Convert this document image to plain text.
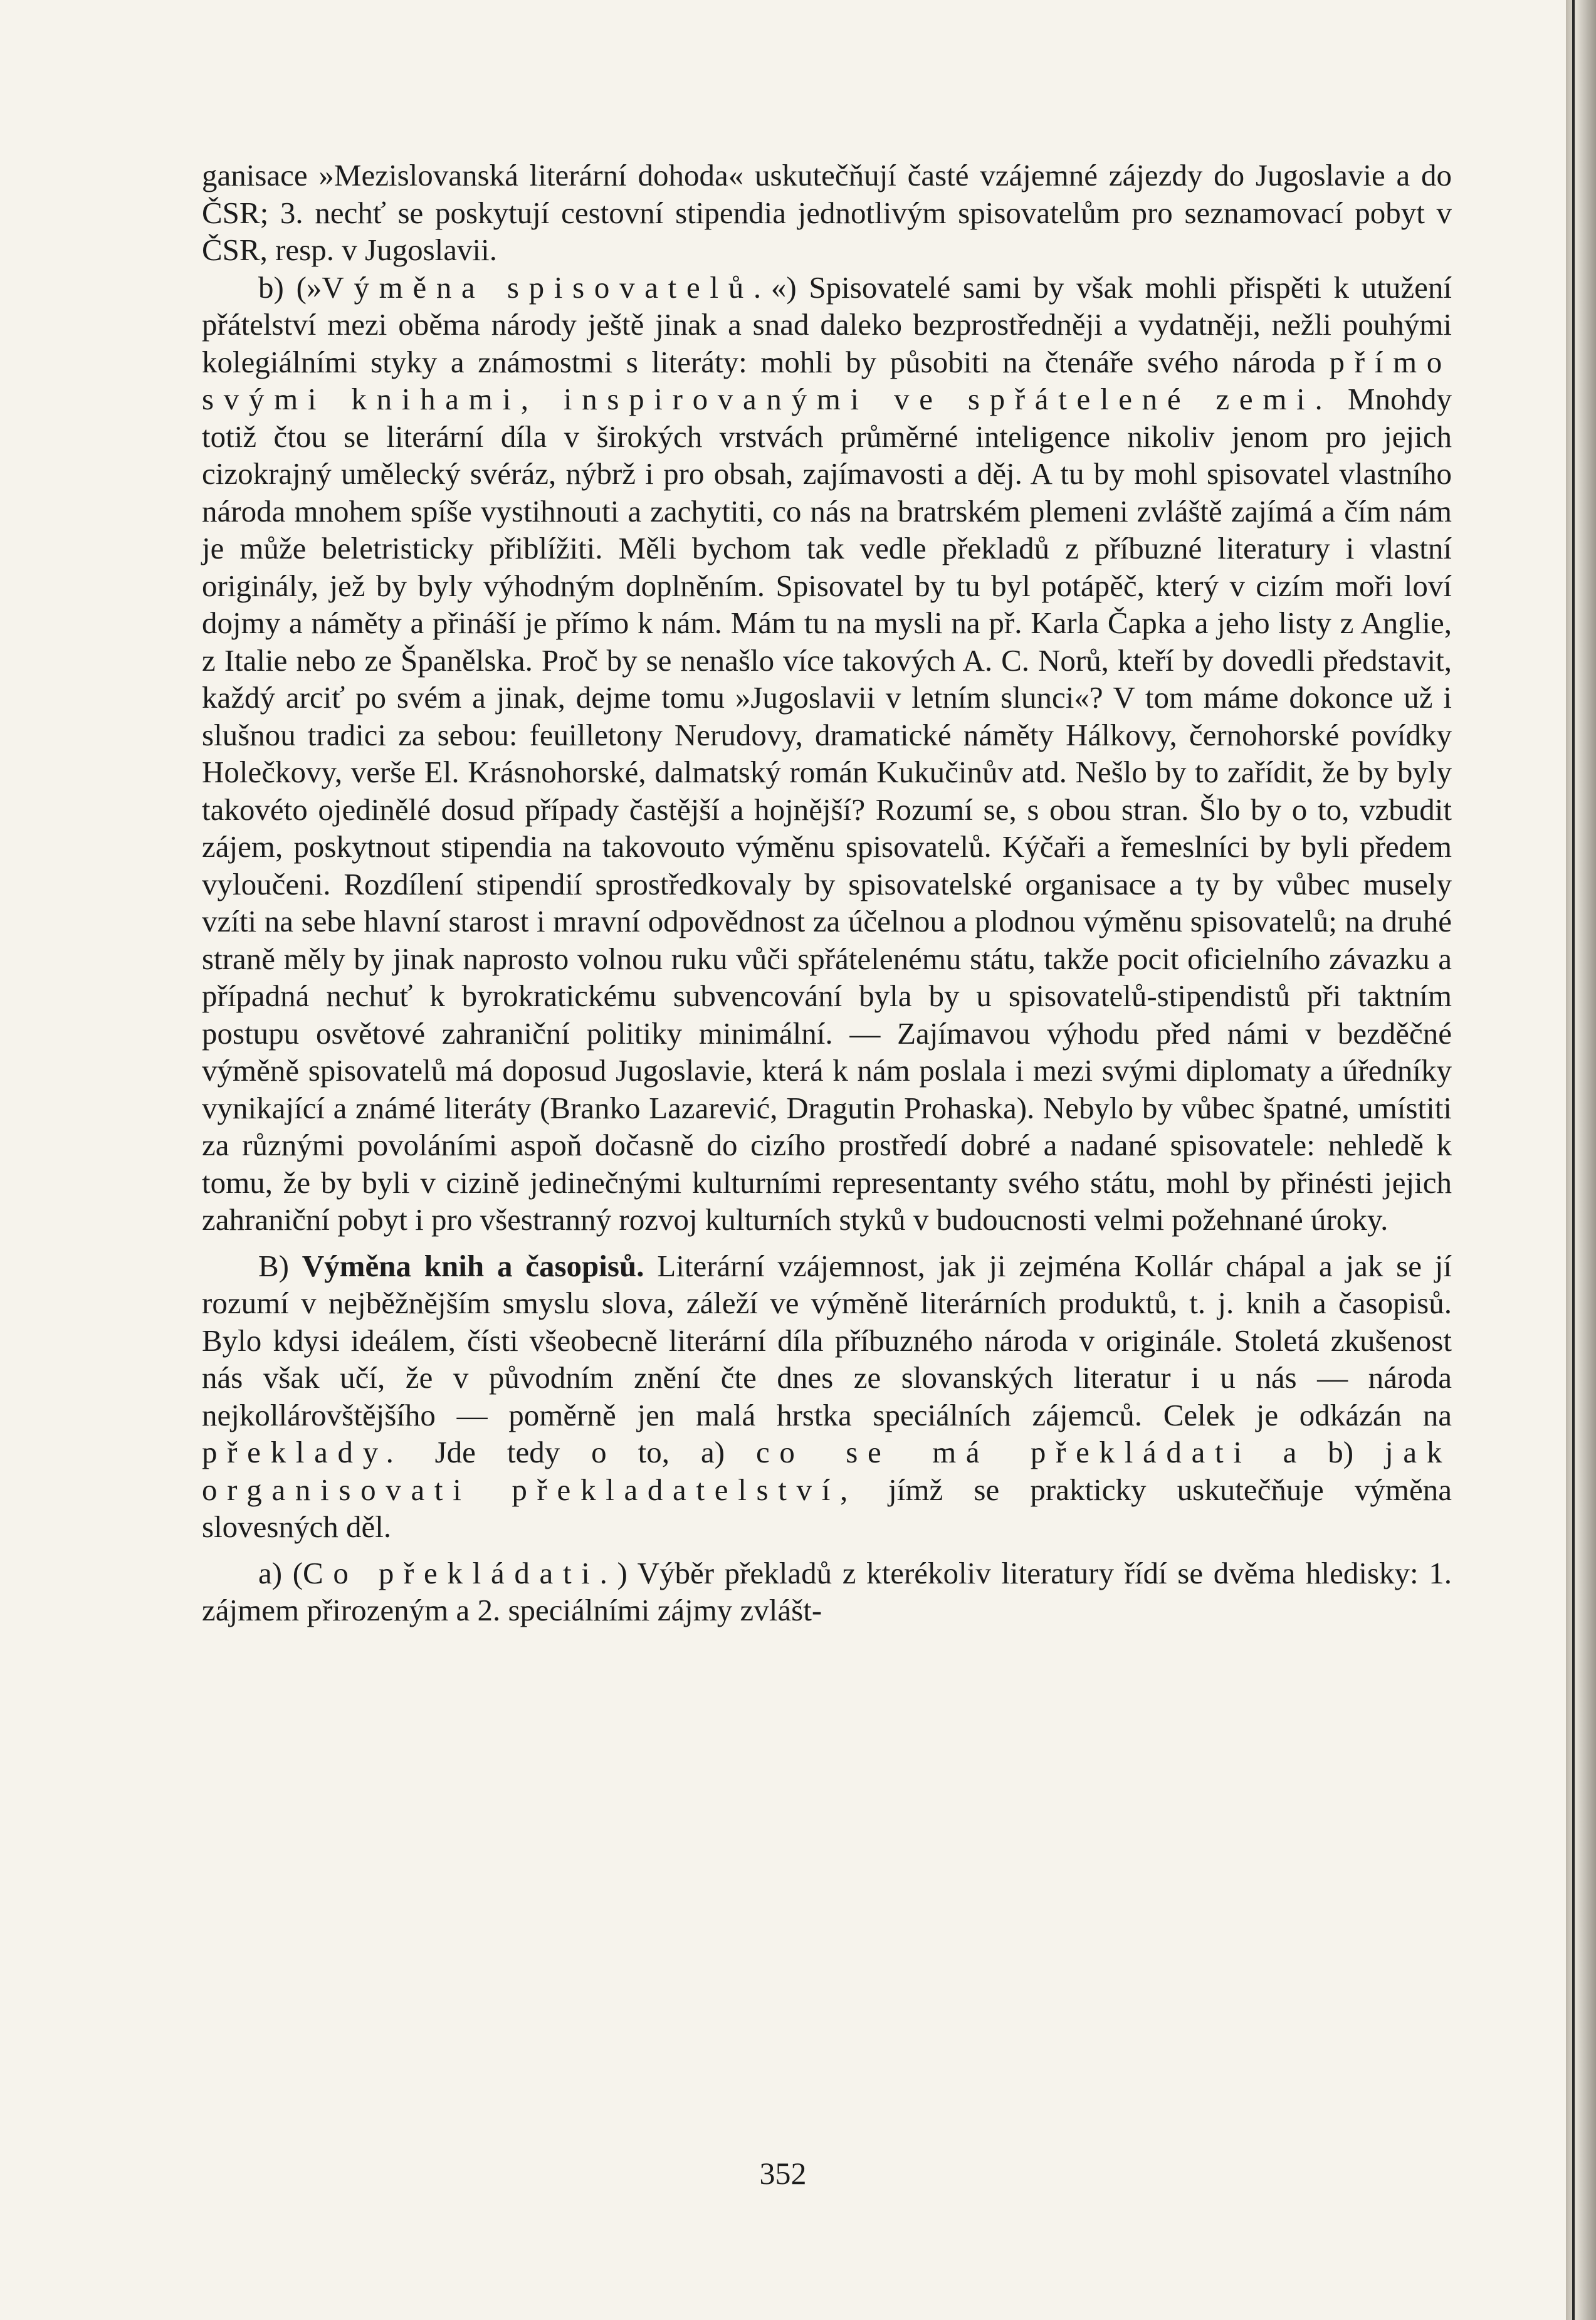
ganisace »Mezislovanská literární dohoda« uskutečňují časté vzájemné zájezdy do Jugoslavie a do ČSR; 3. nechť se poskytují cestovní stipendia jednotlivým spisovatelům pro seznamovací pobyt v ČSR, resp. v Jugoslavii.

b) (»Výměna spisovatelů.«) Spisovatelé sami by však mohli přispěti k utužení přátelství mezi oběma národy ještě jinak a snad daleko bezprostředněji a vydatněji, nežli pouhými kolegiálními styky a známostmi s literáty: mohli by působiti na čtenáře svého národa přímo svými knihami, inspirovanými ve spřátelené zemi. Mnohdy totiž čtou se literární díla v širokých vrstvách průměrné inteligence nikoliv jenom pro jejich cizokrajný umělecký svéráz, nýbrž i pro obsah, zajímavosti a děj. A tu by mohl spisovatel vlastního národa mnohem spíše vystihnouti a zachytiti, co nás na bratrském plemeni zvláště zajímá a čím nám je může beletristicky přiblížiti. Měli bychom tak vedle překladů z příbuzné literatury i vlastní originály, jež by byly výhodným doplněním. Spisovatel by tu byl potápěč, který v cizím moři loví dojmy a náměty a přináší je přímo k nám. Mám tu na mysli na př. Karla Čapka a jeho listy z Anglie, z Italie nebo ze Španělska. Proč by se nenašlo více takových A. C. Norů, kteří by dovedli představit, každý arciť po svém a jinak, dejme tomu »Jugoslavii v letním slunci«? V tom máme dokonce už i slušnou tradici za sebou: feuilletony Nerudovy, dramatické náměty Hálkovy, černohorské povídky Holečkovy, verše El. Krásnohorské, dalmatský román Kukučinův atd. Nešlo by to zařídit, že by byly takovéto ojedinělé dosud případy častější a hojnější? Rozumí se, s obou stran. Šlo by o to, vzbudit zájem, poskytnout stipendia na takovouto výměnu spisovatelů. Kýčaři a řemeslníci by byli předem vyloučeni. Rozdílení stipendií sprostředkovaly by spisovatelské organisace a ty by vůbec musely vzíti na sebe hlavní starost i mravní odpovědnost za účelnou a plodnou výměnu spisovatelů; na druhé straně měly by jinak naprosto volnou ruku vůči spřátelenému státu, takže pocit oficielního závazku a případná nechuť k byrokratickému subvencování byla by u spisovatelů-stipendistů při taktním postupu osvětové zahraniční politiky minimální. — Zajímavou výhodu před námi v bezděčné výměně spisovatelů má doposud Jugoslavie, která k nám poslala i mezi svými diplomaty a úředníky vynikající a známé literáty (Branko Lazarević, Dragutin Prohaska). Nebylo by vůbec špatné, umístiti za různými povoláními aspoň dočasně do cizího prostředí dobré a nadané spisovatele: nehledě k tomu, že by byli v cizině jedinečnými kulturními representanty svého státu, mohl by přinésti jejich zahraniční pobyt i pro všestranný rozvoj kulturních styků v budoucnosti velmi požehnané úroky.

B) Výměna knih a časopisů. Literární vzájemnost, jak ji zejména Kollár chápal a jak se jí rozumí v nejběžnějším smyslu slova, záleží ve výměně literárních produktů, t. j. knih a časopisů. Bylo kdysi ideálem, čísti všeobecně literární díla příbuzného národa v originále. Stoletá zkušenost nás však učí, že v původním znění čte dnes ze slovanských literatur i u nás — národa nejkollárovštějšího — poměrně jen malá hrstka speciálních zájemců. Celek je odkázán na překlady. Jde tedy o to, a) co se má překládati a b) jak organisovati překladatelství, jímž se prakticky uskutečňuje výměna slovesných děl.

a) (Co překládati.) Výběr překladů z kterékoliv literatury řídí se dvěma hledisky: 1. zájmem přirozeným a 2. speciálními zájmy zvlášt-

352
